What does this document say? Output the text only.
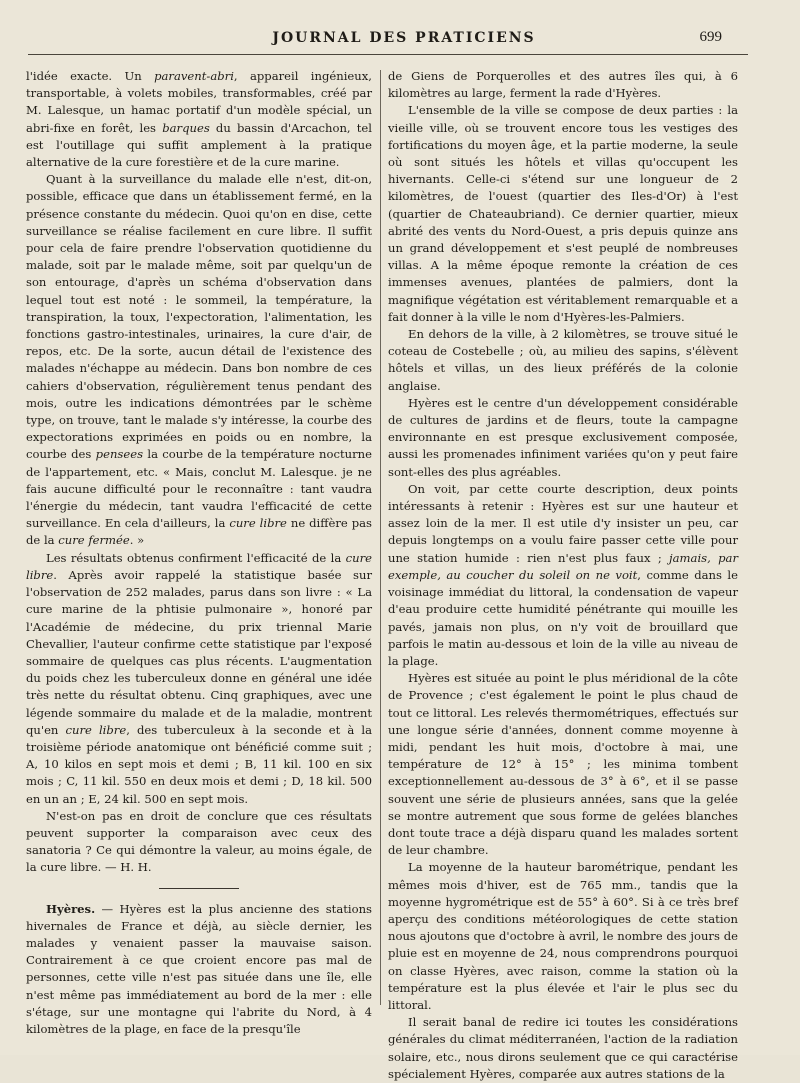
JOURNAL DES PRATICIENS	699

l'idée exacte. Un paravent-abri, appareil ingénieux, transportable, à volets mobiles, transformables, créé par M. Lalesque, un hamac portatif d'un modèle spécial, un abri-fixe en forêt, les barques du bassin d'Arcachon, tel est l'outillage qui suffit amplement à la pratique alternative de la cure forestière et de la cure marine.

Quant à la surveillance du malade elle n'est, dit-on, possible, efficace que dans un établissement fermé, en la présence constante du médecin. Quoi qu'on en dise, cette surveillance se réalise facilement en cure libre. Il suffit pour cela de faire prendre l'observation quotidienne du malade, soit par le malade même, soit par quelqu'un de son entourage, d'après un schéma d'observation dans lequel tout est noté : le sommeil, la température, la transpiration, la toux, l'expectoration, l'alimentation, les fonctions gastro-intestinales, urinaires, la cure d'air, de repos, etc. De la sorte, aucun détail de l'existence des malades n'échappe au médecin. Dans bon nombre de ces cahiers d'observation, régulièrement tenus pendant des mois, outre les indications démontrées par le schème type, on trouve, tant le malade s'y intéresse, la courbe des expectorations exprimées en poids ou en nombre, la courbe des pensees la courbe de la température nocturne de l'appartement, etc. « Mais, conclut M. Lalesque. je ne fais aucune difficulté pour le reconnaître : tant vaudra l'énergie du médecin, tant vaudra l'efficacité de cette surveillance. En cela d'ailleurs, la cure libre ne diffère pas de la cure fermée. »

Les résultats obtenus confirment l'efficacité de la cure libre. Après avoir rappelé la statistique basée sur l'observation de 252 malades, parus dans son livre : « La cure marine de la phtisie pulmonaire », honoré par l'Académie de médecine, du prix triennal Marie Chevallier, l'auteur confirme cette statistique par l'exposé sommaire de quelques cas plus récents. L'augmentation du poids chez les tuberculeux donne en général une idée très nette du résultat obtenu. Cinq graphiques, avec une légende sommaire du malade et de la maladie, montrent qu'en cure libre, des tuberculeux à la seconde et à la troisième période anatomique ont bénéficié comme suit ; A, 10 kilos en sept mois et demi ; B, 11 kil. 100 en six mois ; C, 11 kil. 550 en deux mois et demi ; D, 18 kil. 500 en un an ; E, 24 kil. 500 en sept mois.

N'est-on pas en droit de conclure que ces résultats peuvent supporter la comparaison avec ceux des sanatoria ? Ce qui démontre la valeur, au moins égale, de la cure libre. — H. H.

Hyères. — Hyères est la plus ancienne des stations hivernales de France et déjà, au siècle dernier, les malades y venaient passer la mauvaise saison. Contrairement à ce que croient encore pas mal de personnes, cette ville n'est pas située dans une île, elle n'est même pas immédiatement au bord de la mer : elle s'étage, sur une montagne qui l'abrite du Nord, à 4 kilomètres de la plage, en face de la presqu'île

de Giens de Porquerolles et des autres îles qui, à 6 kilomètres au large, ferment la rade d'Hyères.

L'ensemble de la ville se compose de deux parties : la vieille ville, où se trouvent encore tous les vestiges des fortifications du moyen âge, et la partie moderne, la seule où sont situés les hôtels et villas qu'occupent les hivernants. Celle-ci s'étend sur une longueur de 2 kilomètres, de l'ouest (quartier des Iles-d'Or) à l'est (quartier de Chateaubriand). Ce dernier quartier, mieux abrité des vents du Nord-Ouest, a pris depuis quinze ans un grand développement et s'est peuplé de nombreuses villas. A la même époque remonte la création de ces immenses avenues, plantées de palmiers, dont la magnifique végétation est véritablement remarquable et a fait donner à la ville le nom d'Hyères-les-Palmiers.

En dehors de la ville, à 2 kilomètres, se trouve situé le coteau de Costebelle ; où, au milieu des sapins, s'élèvent hôtels et villas, un des lieux préférés de la colonie anglaise.

Hyères est le centre d'un développement considérable de cultures de jardins et de fleurs, toute la campagne environnante en est presque exclusivement composée, aussi les promenades infiniment variées qu'on y peut faire sont-elles des plus agréables.

On voit, par cette courte description, deux points intéressants à retenir : Hyères est sur une hauteur et assez loin de la mer. Il est utile d'y insister un peu, car depuis longtemps on a voulu faire passer cette ville pour une station humide : rien n'est plus faux ; jamais, par exemple, au coucher du soleil on ne voit, comme dans le voisinage immédiat du littoral, la condensation de vapeur d'eau produire cette humidité pénétrante qui mouille les pavés, jamais non plus, on n'y voit de brouillard que parfois le matin au-dessous et loin de la ville au niveau de la plage.

Hyères est située au point le plus méridional de la côte de Provence ; c'est également le point le plus chaud de tout ce littoral. Les relevés thermométriques, effectués sur une longue série d'années, donnent comme moyenne à midi, pendant les huit mois, d'octobre à mai, une température de 12° à 15° ; les minima tombent exceptionnellement au-dessous de 3° à 6°, et il se passe souvent une série de plusieurs années, sans que la gelée se montre autrement que sous forme de gelées blanches dont toute trace a déjà disparu quand les malades sortent de leur chambre.

La moyenne de la hauteur barométrique, pendant les mêmes mois d'hiver, est de 765 mm., tandis que la moyenne hygrométrique est de 55° à 60°. Si à ce très bref aperçu des conditions météorologiques de cette station nous ajoutons que d'octobre à avril, le nombre des jours de pluie est en moyenne de 24, nous comprendrons pourquoi on classe Hyères, avec raison, comme la station où la température est la plus élevée et l'air le plus sec du littoral.

Il serait banal de redire ici toutes les considérations générales du climat méditerranéen, l'action de la radiation solaire, etc., nous dirons seulement que ce qui caractérise spécialement Hyères, comparée aux autres stations de la
